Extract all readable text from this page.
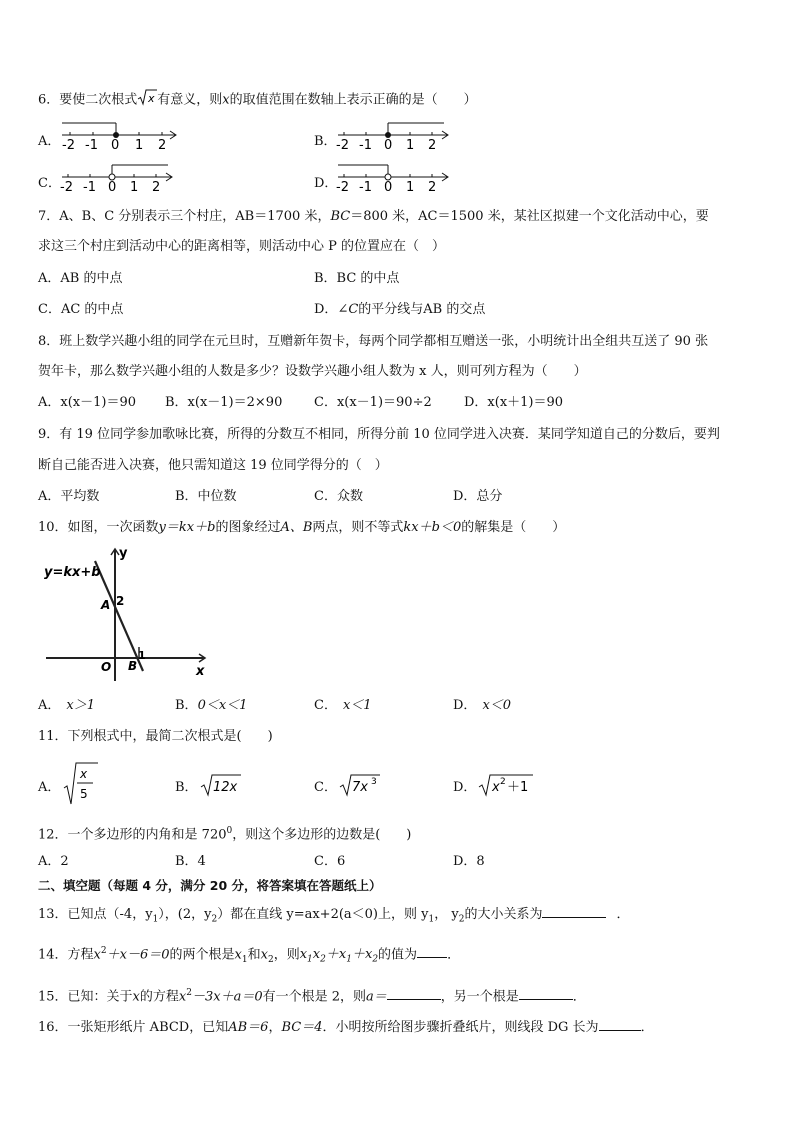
6．要使二次根式 x 有意义，则x的取值范围在数轴上表示正确的是（　　）
A． -2 -1 0 1 2	B． -2 -1 0 1 2
C． -2 -1 0 1 2	D．
-2 -1 0 1 2
7．A、B、C 分别表示三个村庄，AB＝1700 米，BC＝800 米，AC＝1500 米，某社区拟建一个文化活动中心，要
求这三个村庄到活动中心的距离相等，则活动中心 P 的位置应在（　）
A．AB 的中点	B．BC 的中点
C．AC 的中点	D．∠C的平分线与AB 的交点
8．班上数学兴趣小组的同学在元旦时，互赠新年贺卡，每两个同学都相互赠送一张，小明统计出全组共互送了 90 张
贺年卡，那么数学兴趣小组的人数是多少？设数学兴趣小组人数为 x 人，则可列方程为（　　）
A．x(x－1)＝90 B．x(x－1)＝2×90 C．x(x－1)＝90÷2 D．x(x＋1)＝90
9．有 19 位同学参加歌咏比赛，所得的分数互不相同，所得分前 10 位同学进入决赛．某同学知道自己的分数后，要判
断自己能否进入决赛，他只需知道这 19 位同学得分的（　）
A．平均数	B．中位数	C．众数	D．总分
10．如图，一次函数y＝kx＋b的图象经过A、B两点，则不等式kx＋b＜0的解集是（　　）
y=kx+b
y
x
O
A 2
B
1
A． x＞1	B．0＜x＜1	C． x＜1	D． x＜0
11．下列根式中，最简二次根式是(　　)
A．
x
5	B． 12x	C． 7x 3	D． x 2 ＋1
12．一个多边形的内角和是 $720^0$，则这个多边形的边数是(　　)
A．2	B．4	C．6	D．8
二、填空题（每题 4 分，满分 20 分，将答案填在答题纸上）
13．已知点（-4，$y_1$），(2，$y_2$）都在直线 y=ax+2(a＜0)上，则 $y_1$， $y_2$的大小关系为	．
14．方程$x^2+x-6=0$的两个根是$x_1$和$x_2$，则$x_1x_2+x_1+x_2$的值为 ．
15．已知：关于x的方程$x^2-3x+a=0$有一个根是 2，则a＝	，另一个根是	．
16．一张矩形纸片 ABCD，已知AB＝6，BC＝4．小明按所给图步骤折叠纸片，则线段 DG 长为	．
